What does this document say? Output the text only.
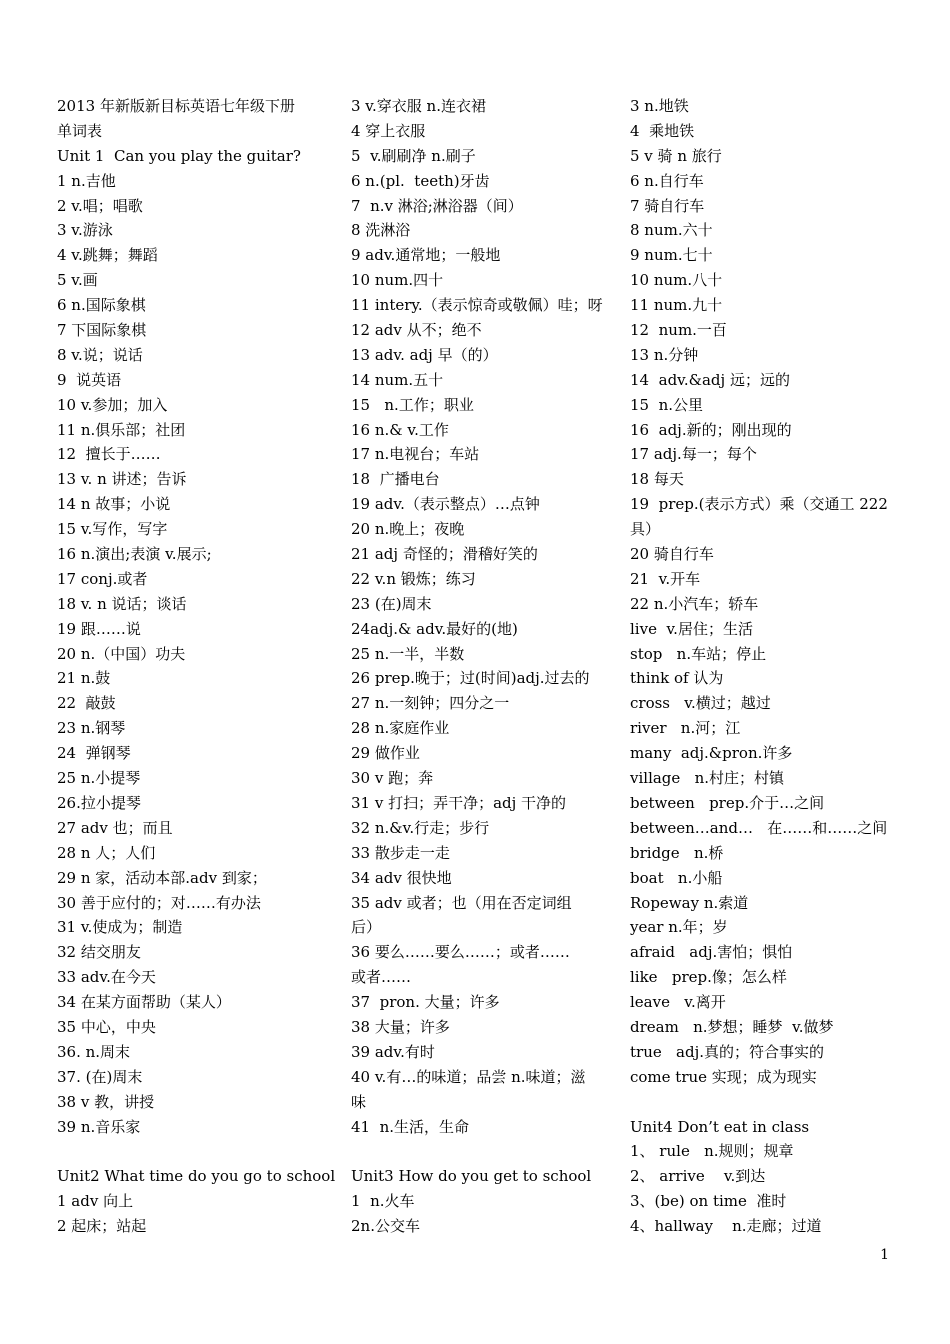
2013 年新版新目标英语七年级下册
单词表
Unit 1  Can you play the guitar?
1 n.吉他
2 v.唱；唱歌
3 v.游泳
4 v.跳舞；舞蹈
5 v.画
6 n.国际象棋
7 下国际象棋
8 v.说；说话
9  说英语
10 v.参加；加入
11 n.俱乐部；社团
12  擅长于……
13 v. n 讲述；告诉
14 n 故事；小说
15 v.写作，写字
16 n.演出;表演 v.展示;
17 conj.或者
18 v. n 说话；谈话
19 跟……说
20 n.（中国）功夫
21 n.鼓
22  敲鼓
23 n.钢琴
24  弹钢琴
25 n.小提琴
26.拉小提琴
27 adv 也；而且
28 n 人；人们
29 n 家，活动本部.adv 到家；
30 善于应付的；对……有办法
31 v.使成为；制造
32 结交朋友
33 adv.在今天
34 在某方面帮助（某人）
35 中心，中央
36. n.周末
37. (在)周末
38 v 教，讲授
39 n.音乐家
Unit2 What time do you go to school
1 adv 向上
2 起床；站起
3 v.穿衣服 n.连衣裙
4 穿上衣服
5  v.刷刷净 n.刷子
6 n.(pl.  teeth)牙齿
7  n.v 淋浴;淋浴器（间）
8 洗淋浴
9 adv.通常地；一般地
10 num.四十
11 intery.（表示惊奇或敬佩）哇；呀
12 adv 从不；绝不
13 adv. adj 早（的）
14 num.五十
15   n.工作；职业
16 n.& v.工作
17 n.电视台；车站
18  广播电台
19 adv.（表示整点）…点钟
20 n.晚上；夜晚
21 adj 奇怪的；滑稽好笑的
22 v.n 锻炼；练习
23 (在)周末
24adj.& adv.最好的(地)
25 n.一半，半数
26 prep.晚于；过(时间)adj.过去的
27 n.一刻钟；四分之一
28 n.家庭作业
29 做作业
30 v 跑；奔
31 v 打扫；弄干净；adj 干净的
32 n.&v.行走；步行
33 散步走一走
34 adv 很快地
35 adv 或者；也（用在否定词组
后）
36 要么……要么……；或者……
或者……
37  pron. 大量；许多
38 大量；许多
39 adv.有时
40 v.有…的味道；品尝 n.味道；滋
味
41  n.生活，生命
Unit3 How do you get to school
1  n.火车
2n.公交车
3 n.地铁
4  乘地铁
5 v 骑 n 旅行
6 n.自行车
7 骑自行车
8 num.六十
9 num.七十
10 num.八十
11 num.九十
12  num.一百
13 n.分钟
14  adv.&adj 远；远的
15  n.公里
16  adj.新的；刚出现的
17 adj.每一；每个
18 每天
19  prep.(表示方式）乘（交通工 222
具）
20 骑自行车
21  v.开车
22 n.小汽车；轿车
live  v.居住；生活
stop   n.车站；停止
think of 认为
cross   v.横过；越过
river   n.河；江
many  adj.&pron.许多
village   n.村庄；村镇
between   prep.介于…之间
between…and…   在……和……之间
bridge   n.桥
boat   n.小船
Ropeway n.索道
year n.年；岁
afraid   adj.害怕；惧怕
like   prep.像；怎么样
leave   v.离开
dream   n.梦想；睡梦  v.做梦
true   adj.真的；符合事实的
come true 实现；成为现实
Unit4 Don’t eat in class
1、 rule   n.规则；规章
2、 arrive    v.到达
3、(be) on time  准时
4、hallway    n.走廊；过道
1
